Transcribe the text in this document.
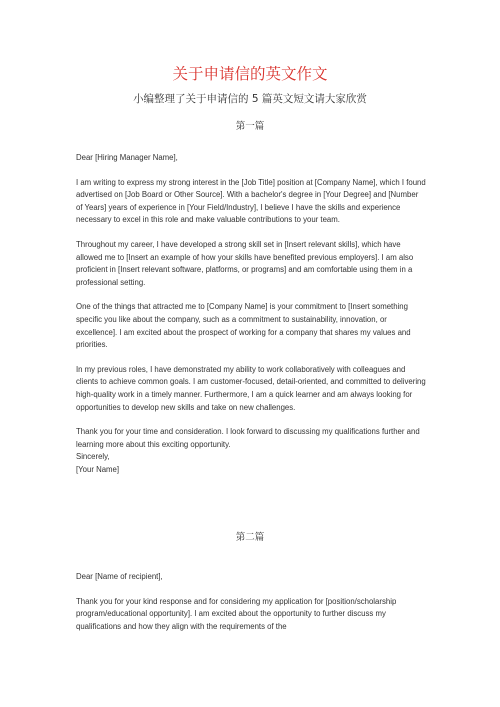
关于申请信的英文作文
小编整理了关于申请信的 5 篇英文短文请大家欣赏
第一篇

Dear [Hiring Manager Name],

I am writing to express my strong interest in the [Job Title] position at [Company Name], which I found advertised on [Job Board or Other Source]. With a bachelor's degree in [Your Degree] and [Number of Years] years of experience in [Your Field/Industry], I believe I have the skills and experience necessary to excel in this role and make valuable contributions to your team.

Throughout my career, I have developed a strong skill set in [Insert relevant skills], which have allowed me to [Insert an example of how your skills have benefited previous employers]. I am also proficient in [Insert relevant software, platforms, or programs] and am comfortable using them in a professional setting.

One of the things that attracted me to [Company Name] is your commitment to [Insert something specific you like about the company, such as a commitment to sustainability, innovation, or excellence]. I am excited about the prospect of working for a company that shares my values and priorities.

In my previous roles, I have demonstrated my ability to work collaboratively with colleagues and clients to achieve common goals. I am customer-focused, detail-oriented, and committed to delivering high-quality work in a timely manner. Furthermore, I am a quick learner and am always looking for opportunities to develop new skills and take on new challenges.

Thank you for your time and consideration. I look forward to discussing my qualifications further and learning more about this exciting opportunity.

Sincerely,

[Your Name]

第二篇

Dear [Name of recipient],

Thank you for your kind response and for considering my application for [position/scholarship program/educational opportunity]. I am excited about the opportunity to further discuss my qualifications and how they align with the requirements of the
